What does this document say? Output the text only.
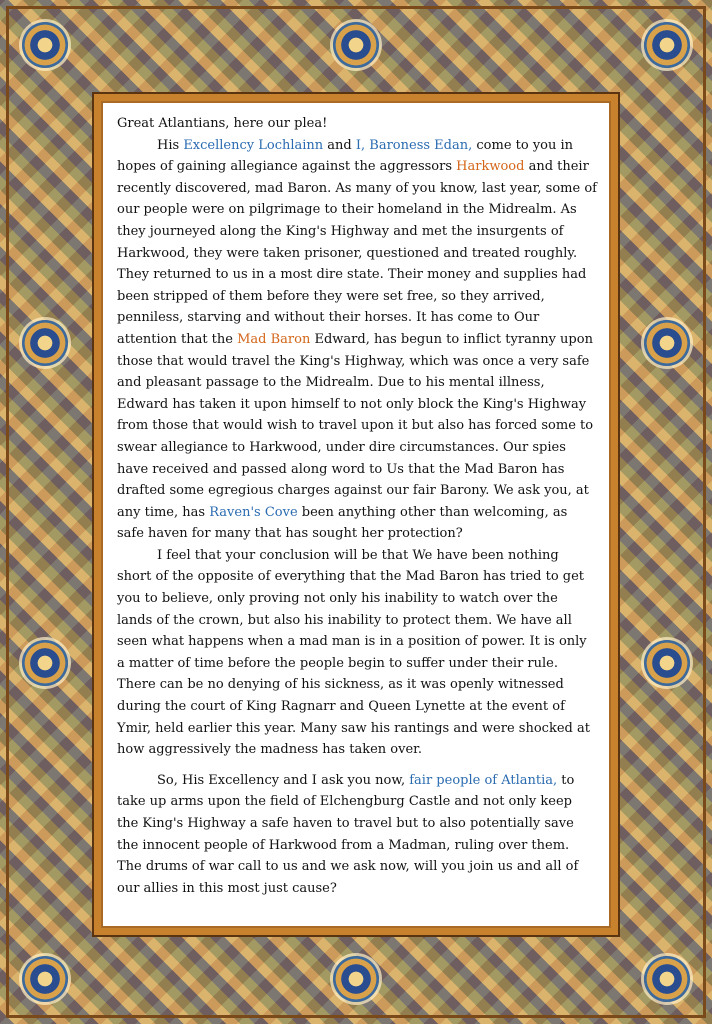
Great Atlantians, here our plea!

His Excellency Lochlainn and I, Baroness Edan, come to you in hopes of gaining allegiance against the aggressors Harkwood and their recently discovered, mad Baron. As many of you know, last year, some of our people were on pilgrimage to their homeland in the Midrealm. As they journeyed along the King's Highway and met the insurgents of Harkwood, they were taken prisoner, questioned and treated roughly. They returned to us in a most dire state. Their money and supplies had been stripped of them before they were set free, so they arrived, penniless, starving and without their horses. It has come to Our attention that the Mad Baron Edward, has begun to inflict tyranny upon those that would travel the King's Highway, which was once a very safe and pleasant passage to the Midrealm. Due to his mental illness, Edward has taken it upon himself to not only block the King's Highway from those that would wish to travel upon it but also has forced some to swear allegiance to Harkwood, under dire circumstances. Our spies have received and passed along word to Us that the Mad Baron has drafted some egregious charges against our fair Barony. We ask you, at any time, has Raven's Cove been anything other than welcoming, as safe haven for many that has sought her protection?

I feel that your conclusion will be that We have been nothing short of the opposite of everything that the Mad Baron has tried to get you to believe, only proving not only his inability to watch over the lands of the crown, but also his inability to protect them. We have all seen what happens when a mad man is in a position of power. It is only a matter of time before the people begin to suffer under their rule. There can be no denying of his sickness, as it was openly witnessed during the court of King Ragnarr and Queen Lynette at the event of Ymir, held earlier this year. Many saw his rantings and were shocked at how aggressively the madness has taken over.

So, His Excellency and I ask you now, fair people of Atlantia, to take up arms upon the field of Elchengburg Castle and not only keep the King's Highway a safe haven to travel but to also potentially save the innocent people of Harkwood from a Madman, ruling over them. The drums of war call to us and we ask now, will you join us and all of our allies in this most just cause?
